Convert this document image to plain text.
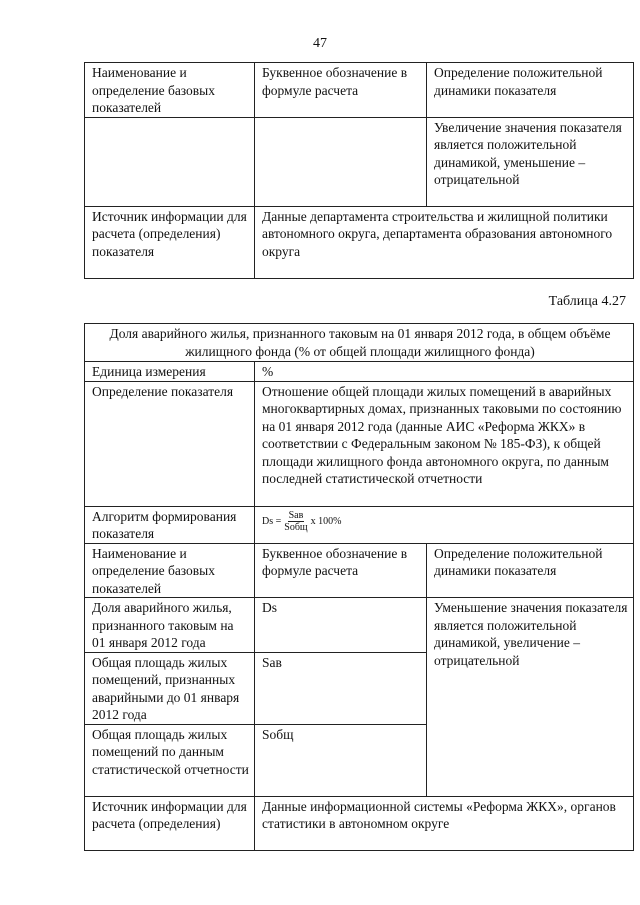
47
Наименование и определение базовых показателей	Буквенное обозначение в формуле расчета	Определение положительной динамики показателя
		Увеличение значения показателя является положительной динамикой, уменьшение – отрицательной
Источник информации для расчета (определения) показателя	Данные департамента строительства и жилищной политики автономного округа, департамента образования автономного округа	
Таблица 4.27
Доля аварийного жилья, признанного таковым на 01 января 2012 года, в общем объёме жилищного фонда (% от общей площади жилищного фонда)		
Единица измерения	%	
Определение показателя	Отношение общей площади жилых помещений в аварийных многоквартирных домах, признанных таковыми по состоянию на 01 января 2012 года (данные АИС «Реформа ЖКХ» в соответствии с Федеральным законом № 185-ФЗ), к общей площади жилищного фонда автономного округа, по данным последней статистической отчетности	
Алгоритм формирования показателя	$Ds = \frac{\text{Sав}}{\text{Sобщ}}$ х 100%	

Наименование и определение базовых показателей	Буквенное обозначение в формуле расчета	Определение положительной динамики показателя
Доля аварийного жилья, признанного таковым на 01 января 2012 года	Ds	Уменьшение значения показателя является положительной динамикой, увеличение – отрицательной
Общая площадь жилых помещений, признанных аварийными до 01 января 2012 года	Sав	
Общая площадь жилых помещений по данным статистической отчетности	Sобщ	
Источник информации для расчета (определения)	Данные информационной системы «Реформа ЖКХ», органов статистики в автономном округе	
